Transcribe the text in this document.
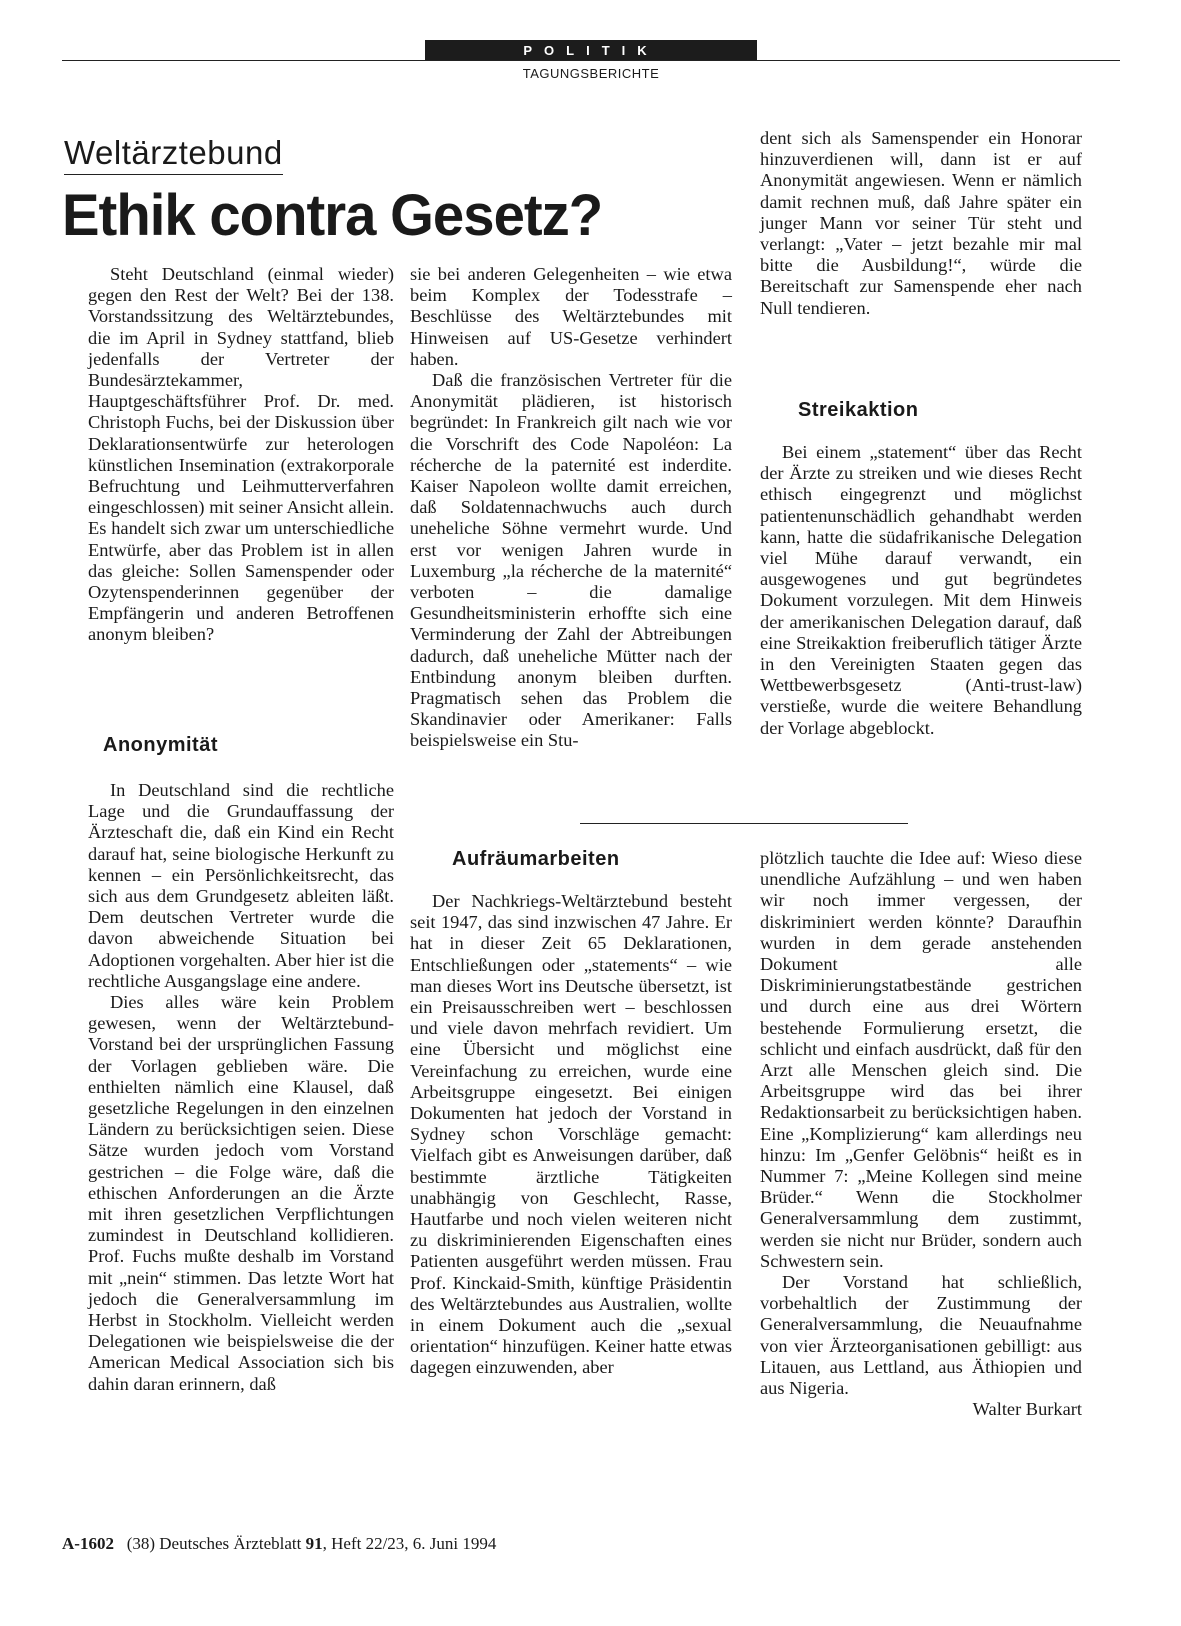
POLITIK
TAGUNGSBERICHTE
Weltärztebund
Ethik contra Gesetz?

Steht Deutschland (einmal wieder) gegen den Rest der Welt? Bei der 138. Vorstandssitzung des Weltärztebundes, die im April in Sydney stattfand, blieb jedenfalls der Vertreter der Bundesärztekammer, Hauptgeschäftsführer Prof. Dr. med. Christoph Fuchs, bei der Diskussion über Deklarationsentwürfe zur heterologen künstlichen Insemination (extrakorporale Befruchtung und Leihmutterverfahren eingeschlossen) mit seiner Ansicht allein. Es handelt sich zwar um unterschiedliche Entwürfe, aber das Problem ist in allen das gleiche: Sollen Samenspender oder Ozytenspenderinnen gegenüber der Empfängerin und anderen Betroffenen anonym bleiben?

Anonymität

In Deutschland sind die rechtliche Lage und die Grundauffassung der Ärzteschaft die, daß ein Kind ein Recht darauf hat, seine biologische Herkunft zu kennen – ein Persönlichkeitsrecht, das sich aus dem Grundgesetz ableiten läßt. Dem deutschen Vertreter wurde die davon abweichende Situation bei Adoptionen vorgehalten. Aber hier ist die rechtliche Ausgangslage eine andere.

Dies alles wäre kein Problem gewesen, wenn der Weltärztebund-Vorstand bei der ursprünglichen Fassung der Vorlagen geblieben wäre. Die enthielten nämlich eine Klausel, daß gesetzliche Regelungen in den einzelnen Ländern zu berücksichtigen seien. Diese Sätze wurden jedoch vom Vorstand gestrichen – die Folge wäre, daß die ethischen Anforderungen an die Ärzte mit ihren gesetzlichen Verpflichtungen zumindest in Deutschland kollidieren. Prof. Fuchs mußte deshalb im Vorstand mit „nein“ stimmen. Das letzte Wort hat jedoch die Generalversammlung im Herbst in Stockholm. Vielleicht werden Delegationen wie beispielsweise die der American Medical Association sich bis dahin daran erinnern, daß

sie bei anderen Gelegenheiten – wie etwa beim Komplex der Todesstrafe – Beschlüsse des Weltärztebundes mit Hinweisen auf US-Gesetze verhindert haben.

Daß die französischen Vertreter für die Anonymität plädieren, ist historisch begründet: In Frankreich gilt nach wie vor die Vorschrift des Code Napoléon: La récherche de la paternité est inderdite. Kaiser Napoleon wollte damit erreichen, daß Soldatennachwuchs auch durch uneheliche Söhne vermehrt wurde. Und erst vor wenigen Jahren wurde in Luxemburg „la récherche de la maternité“ verboten – die damalige Gesundheitsministerin erhoffte sich eine Verminderung der Zahl der Abtreibungen dadurch, daß uneheliche Mütter nach der Entbindung anonym bleiben durften. Pragmatisch sehen das Problem die Skandinavier oder Amerikaner: Falls beispielsweise ein Stu-

dent sich als Samenspender ein Honorar hinzuverdienen will, dann ist er auf Anonymität angewiesen. Wenn er nämlich damit rechnen muß, daß Jahre später ein junger Mann vor seiner Tür steht und verlangt: „Vater – jetzt bezahle mir mal bitte die Ausbildung!“, würde die Bereitschaft zur Samenspende eher nach Null tendieren.

Streikaktion

Bei einem „statement“ über das Recht der Ärzte zu streiken und wie dieses Recht ethisch eingegrenzt und möglichst patientenunschädlich gehandhabt werden kann, hatte die südafrikanische Delegation viel Mühe darauf verwandt, ein ausgewogenes und gut begründetes Dokument vorzulegen. Mit dem Hinweis der amerikanischen Delegation darauf, daß eine Streikaktion freiberuflich tätiger Ärzte in den Vereinigten Staaten gegen das Wettbewerbsgesetz (Anti-trust-law) verstieße, wurde die weitere Behandlung der Vorlage abgeblockt.

Aufräumarbeiten

Der Nachkriegs-Weltärztebund besteht seit 1947, das sind inzwischen 47 Jahre. Er hat in dieser Zeit 65 Deklarationen, Entschließungen oder „statements“ – wie man dieses Wort ins Deutsche übersetzt, ist ein Preisausschreiben wert – beschlossen und viele davon mehrfach revidiert. Um eine Übersicht und möglichst eine Vereinfachung zu erreichen, wurde eine Arbeitsgruppe eingesetzt. Bei einigen Dokumenten hat jedoch der Vorstand in Sydney schon Vorschläge gemacht: Vielfach gibt es Anweisungen darüber, daß bestimmte ärztliche Tätigkeiten unabhängig von Geschlecht, Rasse, Hautfarbe und noch vielen weiteren nicht zu diskriminierenden Eigenschaften eines Patienten ausgeführt werden müssen. Frau Prof. Kinckaid-Smith, künftige Präsidentin des Weltärztebundes aus Australien, wollte in einem Dokument auch die „sexual orientation“ hinzufügen. Keiner hatte etwas dagegen einzuwenden, aber

plötzlich tauchte die Idee auf: Wieso diese unendliche Aufzählung – und wen haben wir noch immer vergessen, der diskriminiert werden könnte? Daraufhin wurden in dem gerade anstehenden Dokument alle Diskriminierungstatbestände gestrichen und durch eine aus drei Wörtern bestehende Formulierung ersetzt, die schlicht und einfach ausdrückt, daß für den Arzt alle Menschen gleich sind. Die Arbeitsgruppe wird das bei ihrer Redaktionsarbeit zu berücksichtigen haben. Eine „Komplizierung“ kam allerdings neu hinzu: Im „Genfer Gelöbnis“ heißt es in Nummer 7: „Meine Kollegen sind meine Brüder.“ Wenn die Stockholmer Generalversammlung dem zustimmt, werden sie nicht nur Brüder, sondern auch Schwestern sein.

Der Vorstand hat schließlich, vorbehaltlich der Zustimmung der Generalversammlung, die Neuaufnahme von vier Ärzteorganisationen gebilligt: aus Litauen, aus Lettland, aus Äthiopien und aus Nigeria.

Walter Burkart

A-1602 (38) Deutsches Ärzteblatt 91, Heft 22/23, 6. Juni 1994
